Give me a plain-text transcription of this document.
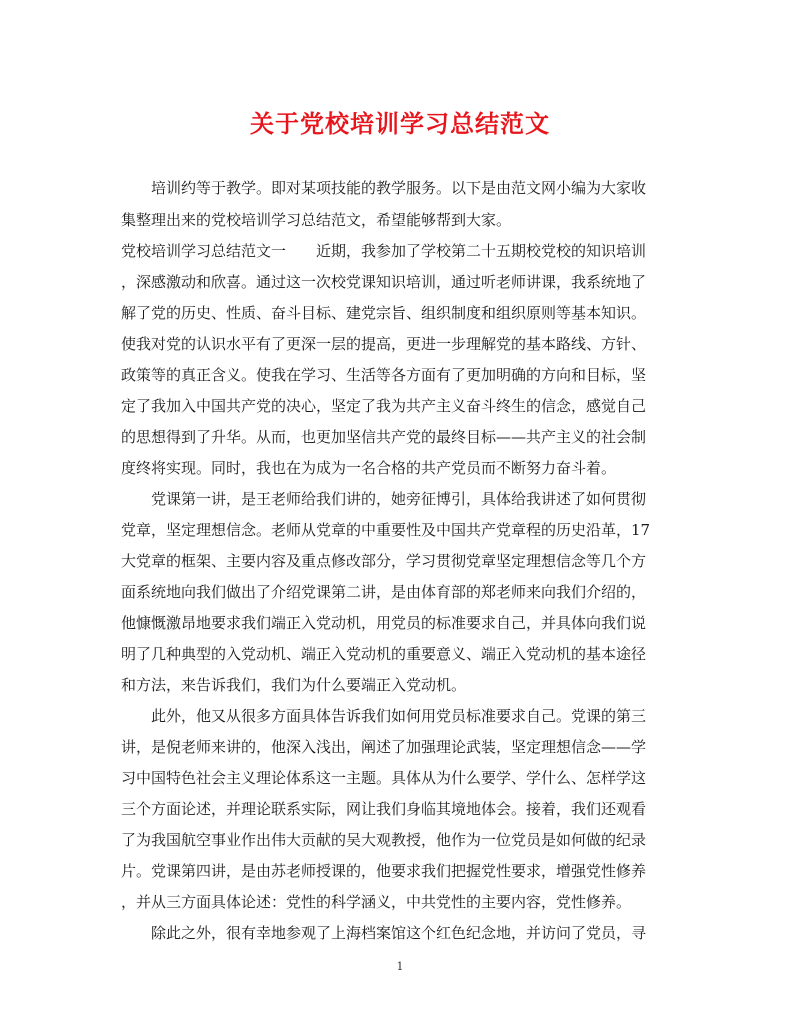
关于党校培训学习总结范文

培训约等于教学。即对某项技能的教学服务。以下是由范文网小编为大家收

集整理出来的党校培训学习总结范文，希望能够帮到大家。

党校培训学习总结范文一　　近期，我参加了学校第二十五期校党校的知识培训

，深感激动和欣喜。通过这一次校党课知识培训，通过听老师讲课，我系统地了

解了党的历史、性质、奋斗目标、建党宗旨、组织制度和组织原则等基本知识。

使我对党的认识水平有了更深一层的提高，更进一步理解党的基本路线、方针、

政策等的真正含义。使我在学习、生活等各方面有了更加明确的方向和目标，坚

定了我加入中国共产党的决心，坚定了我为共产主义奋斗终生的信念，感觉自己

的思想得到了升华。从而，也更加坚信共产党的最终目标——共产主义的社会制

度终将实现。同时，我也在为成为一名合格的共产党员而不断努力奋斗着。

党课第一讲，是王老师给我们讲的，她旁征博引，具体给我讲述了如何贯彻

党章，坚定理想信念。老师从党章的中重要性及中国共产党章程的历史沿革，17

大党章的框架、主要内容及重点修改部分，学习贯彻党章坚定理想信念等几个方

面系统地向我们做出了介绍党课第二讲，是由体育部的郑老师来向我们介绍的，

他慷慨激昂地要求我们端正入党动机，用党员的标准要求自己，并具体向我们说

明了几种典型的入党动机、端正入党动机的重要意义、端正入党动机的基本途径

和方法，来告诉我们，我们为什么要端正入党动机。

此外，他又从很多方面具体告诉我们如何用党员标准要求自己。党课的第三

讲，是倪老师来讲的，他深入浅出，阐述了加强理论武装，坚定理想信念——学

习中国特色社会主义理论体系这一主题。具体从为什么要学、学什么、怎样学这

三个方面论述，并理论联系实际，网让我们身临其境地体会。接着，我们还观看

了为我国航空事业作出伟大贡献的吴大观教授，他作为一位党员是如何做的纪录

片。党课第四讲，是由苏老师授课的，他要求我们把握党性要求，增强党性修养

，并从三方面具体论述：党性的科学涵义，中共党性的主要内容，党性修养。

除此之外，很有幸地参观了上海档案馆这个红色纪念地，并访问了党员，寻

1
